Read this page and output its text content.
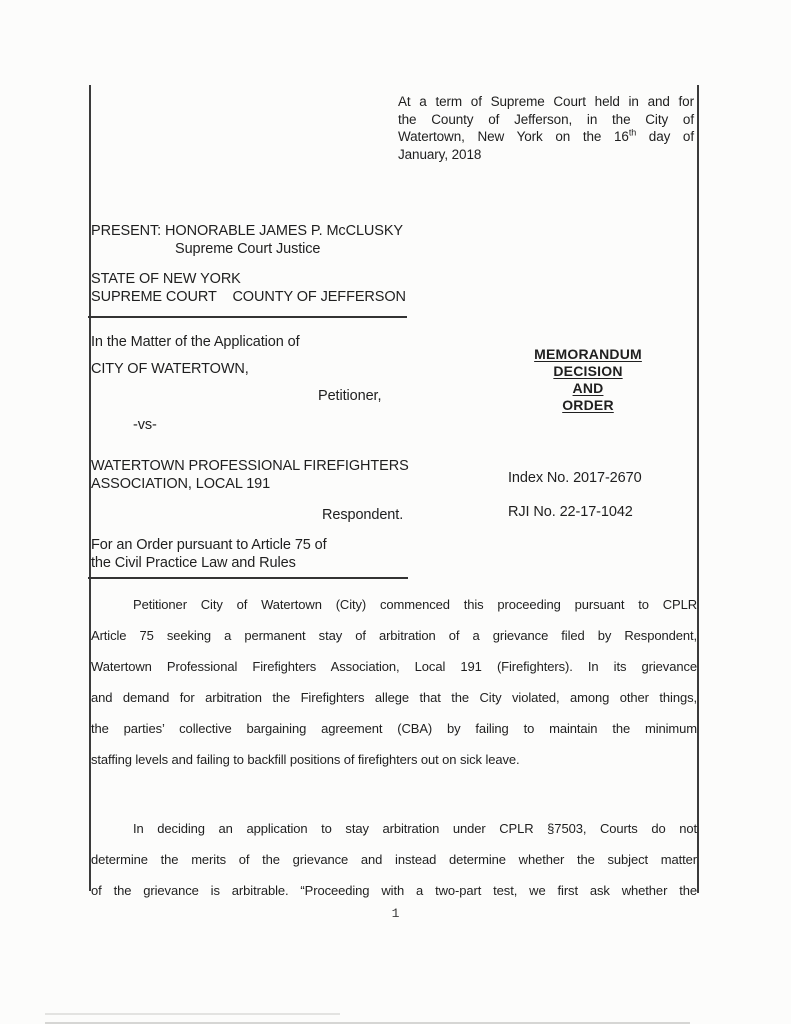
At a term of Supreme Court held in and for
the County of Jefferson, in the City of
Watertown, New York on the 16th day of
January, 2018
PRESENT: HONORABLE JAMES P. McCLUSKY
Supreme Court Justice
STATE OF NEW YORK
SUPREME COURT    COUNTY OF JEFFERSON
In the Matter of the Application of
CITY OF WATERTOWN,
Petitioner,
-vs-
WATERTOWN PROFESSIONAL FIREFIGHTERS
ASSOCIATION, LOCAL 191
Respondent.
For an Order pursuant to Article 75 of
the Civil Practice Law and Rules
MEMORANDUM
DECISION
AND
ORDER
Index No. 2017-2670
RJI No. 22-17-1042
Petitioner City of Watertown (City) commenced this proceeding pursuant to CPLR
Article 75 seeking a permanent stay of arbitration of a grievance filed by Respondent,
Watertown Professional Firefighters Association, Local 191 (Firefighters). In its grievance
and demand for arbitration the Firefighters allege that the City violated, among other things,
the parties’ collective bargaining agreement (CBA) by failing to maintain the minimum
staffing levels and failing to backfill positions of firefighters out on sick leave.
In deciding an application to stay arbitration under CPLR §7503, Courts do not
determine the merits of the grievance and instead determine whether the subject matter
of the grievance is arbitrable. “Proceeding with a two-part test, we first ask whether the
1
